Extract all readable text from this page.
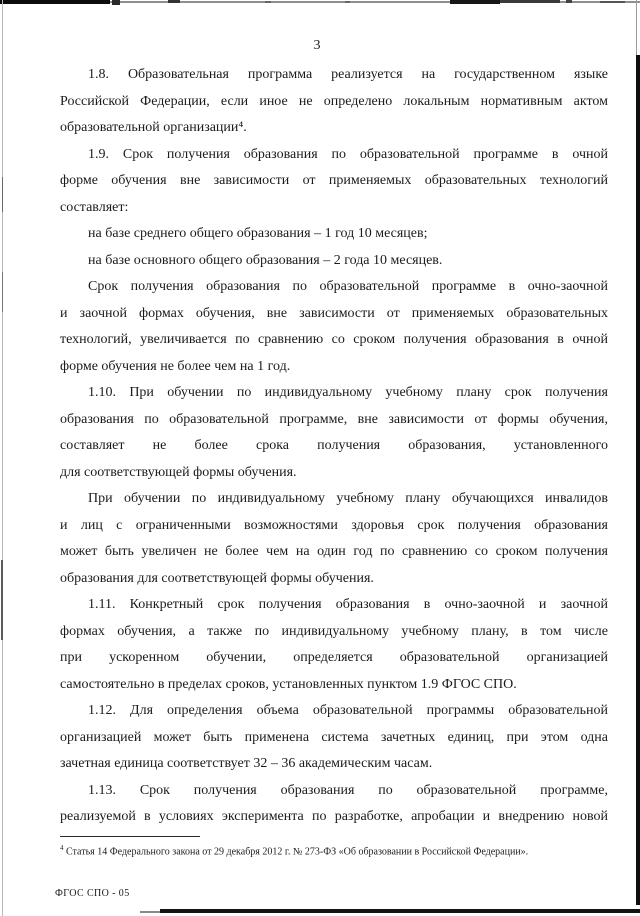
3
1.8. Образовательная программа реализуется на государственном языке
Российской Федерации, если иное не определено локальным нормативным актом
образовательной организации⁴.
1.9. Срок получения образования по образовательной программе в очной
форме обучения вне зависимости от применяемых образовательных технологий
составляет:
на базе среднего общего образования – 1 год 10 месяцев;
на базе основного общего образования – 2 года 10 месяцев.
Срок получения образования по образовательной программе в очно-заочной
и заочной формах обучения, вне зависимости от применяемых образовательных
технологий, увеличивается по сравнению со сроком получения образования в очной
форме обучения не более чем на 1 год.
1.10. При обучении по индивидуальному учебному плану срок получения
образования по образовательной программе, вне зависимости от формы обучения,
составляет не более срока получения образования, установленного
для соответствующей формы обучения.
При обучении по индивидуальному учебному плану обучающихся инвалидов
и лиц с ограниченными возможностями здоровья срок получения образования
может быть увеличен не более чем на один год по сравнению со сроком получения
образования для соответствующей формы обучения.
1.11. Конкретный срок получения образования в очно-заочной и заочной
формах обучения, а также по индивидуальному учебному плану, в том числе
при ускоренном обучении, определяется образовательной организацией
самостоятельно в пределах сроков, установленных пунктом 1.9 ФГОС СПО.
1.12. Для определения объема образовательной программы образовательной
организацией может быть применена система зачетных единиц, при этом одна
зачетная единица соответствует 32 – 36 академическим часам.
1.13. Срок получения образования по образовательной программе,
реализуемой в условиях эксперимента по разработке, апробации и внедрению новой
$^4$ Статья 14 Федерального закона от 29 декабря 2012 г. № 273-ФЗ «Об образовании в Российской Федерации».
ФГОС СПО - 05
